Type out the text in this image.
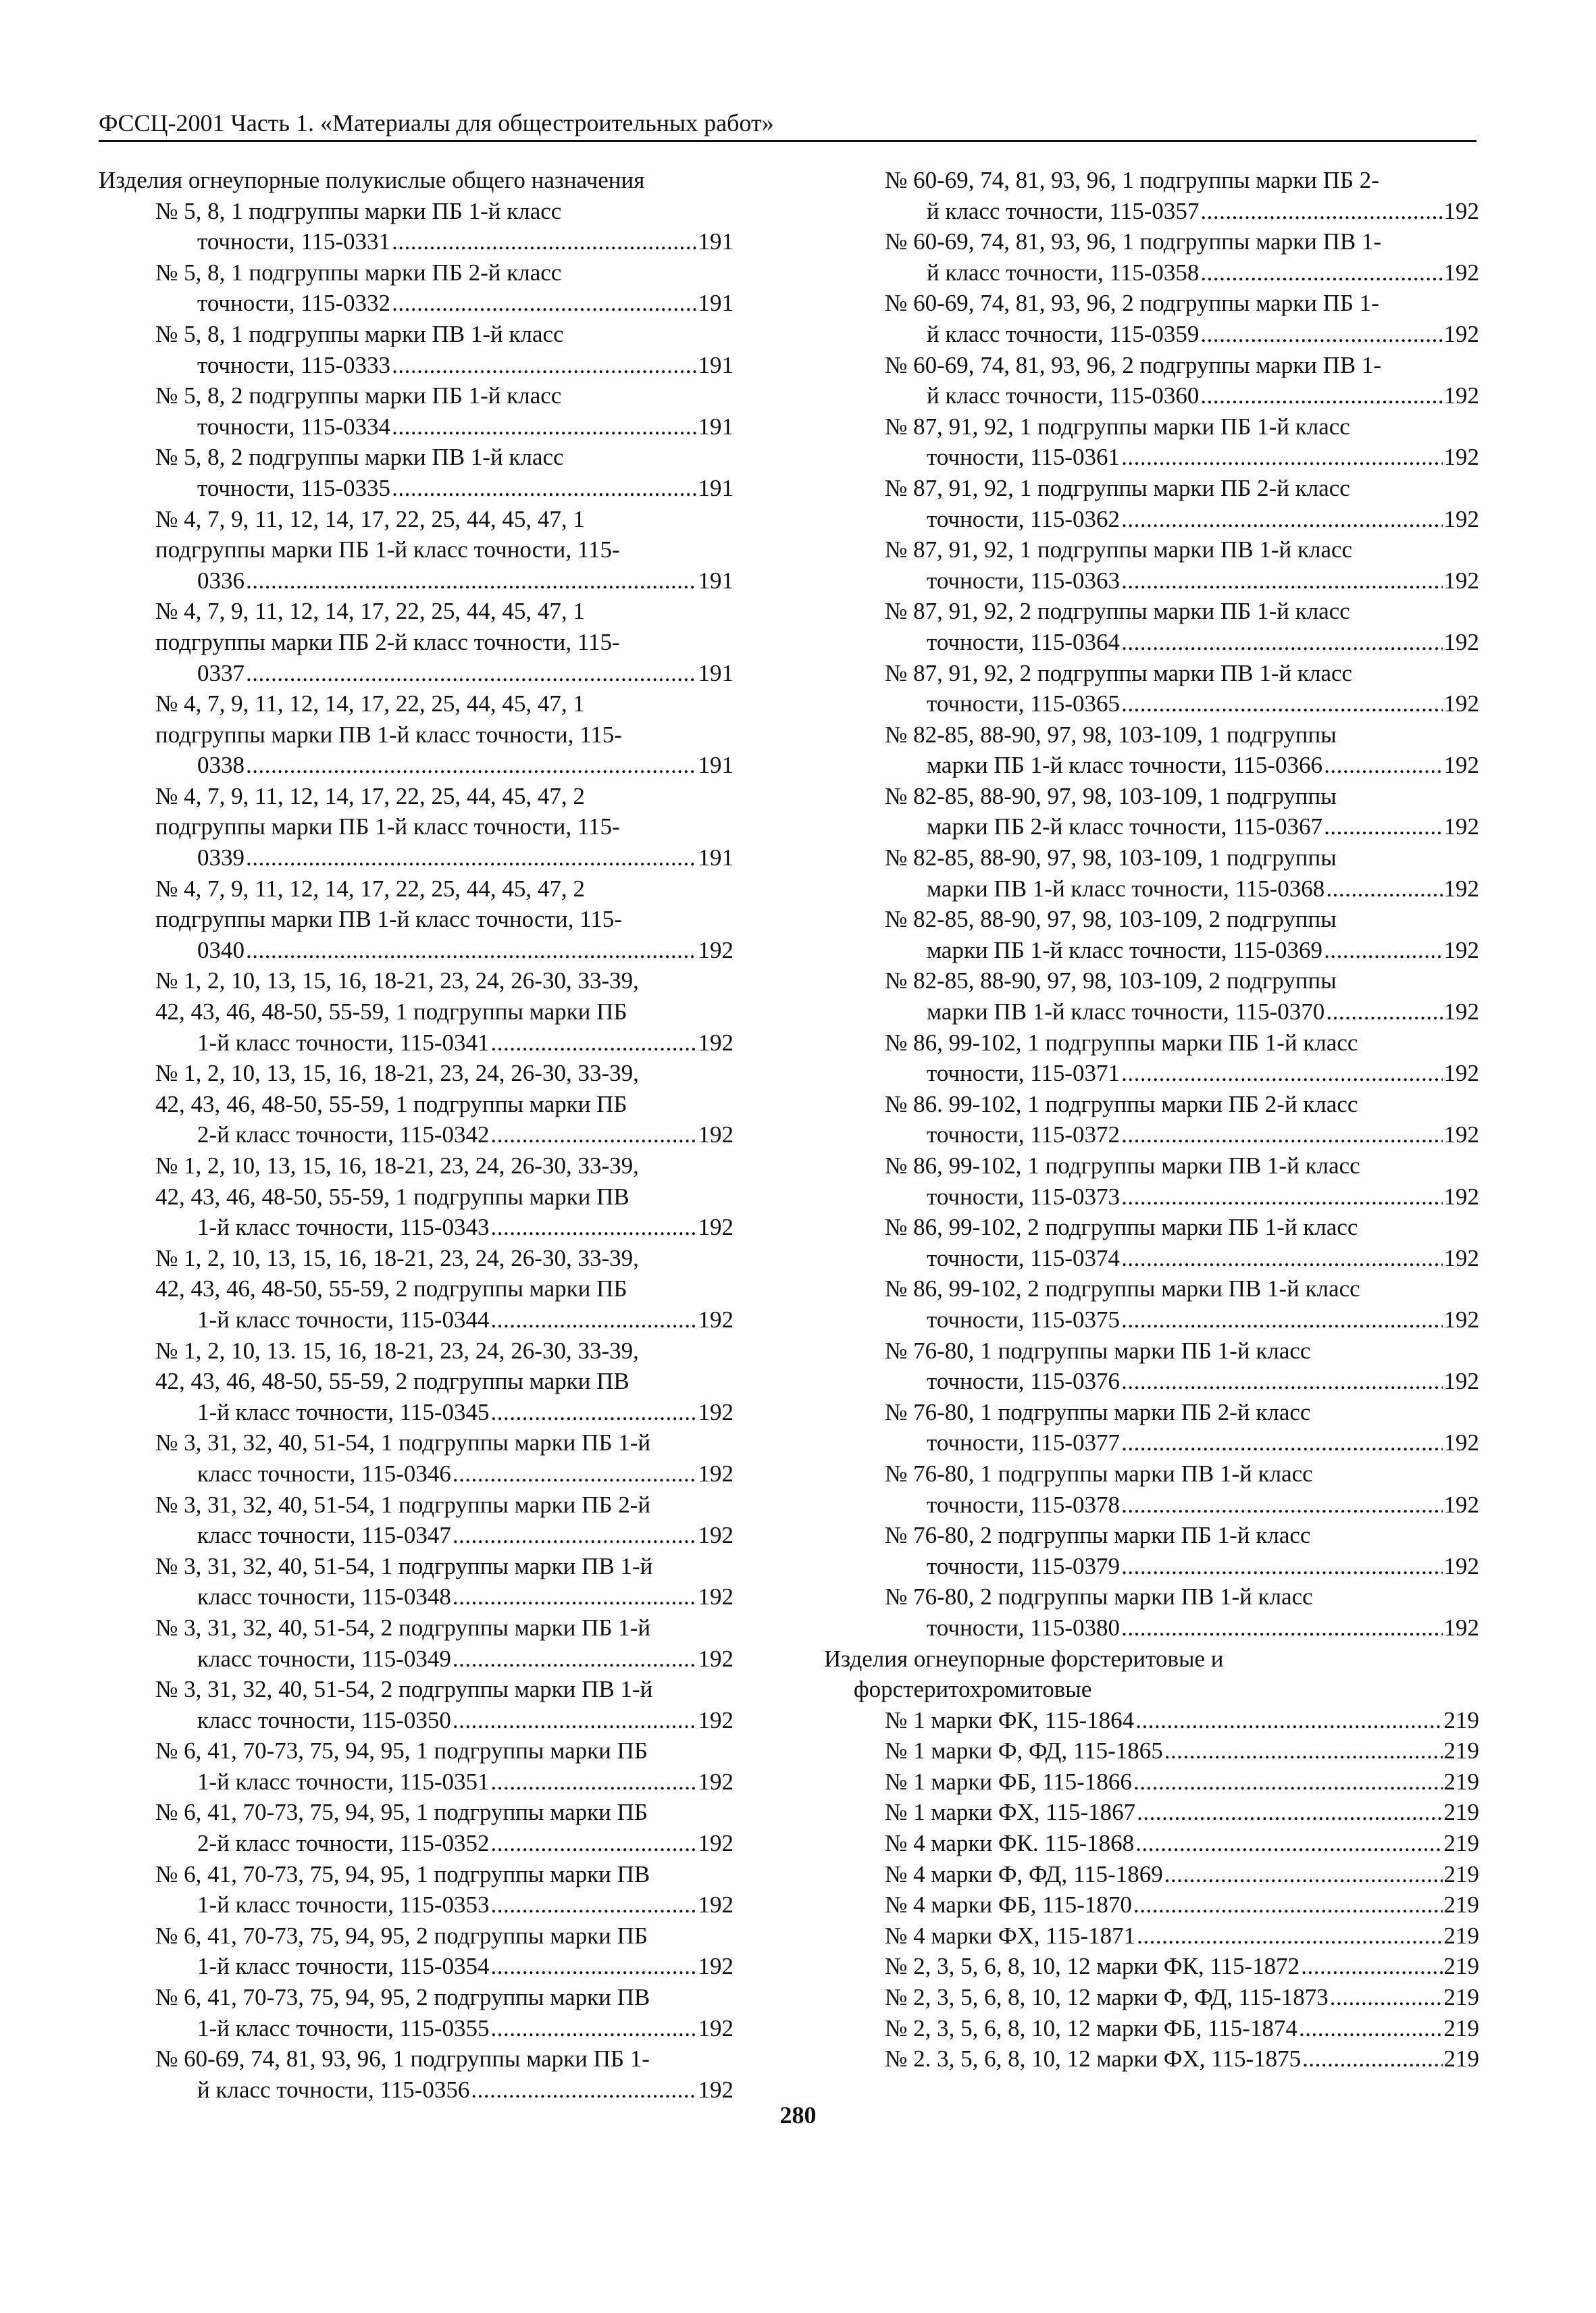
ФССЦ-2001 Часть 1. «Материалы для общестроительных работ»
Изделия огнеупорные полукислые общего назначения
№ 5, 8, 1 подгруппы марки ПБ 1-й класс
точности, 115-0331 .....	191
№ 5, 8, 1 подгруппы марки ПБ 2-й класс
точности, 115-0332 .....	191
№ 5, 8, 1 подгруппы марки ПВ 1-й класс
точности, 115-0333 .....	191
№ 5, 8, 2 подгруппы марки ПБ 1-й класс
точности, 115-0334 .....	191
№ 5, 8, 2 подгруппы марки ПВ 1-й класс
точности, 115-0335 .....	191
№ 4, 7, 9, 11, 12, 14, 17, 22, 25, 44, 45, 47, 1
подгруппы марки ПБ 1-й класс точности, 115-
0336 .....	191
№ 4, 7, 9, 11, 12, 14, 17, 22, 25, 44, 45, 47, 1
подгруппы марки ПБ 2-й класс точности, 115-
0337 .....	191
№ 4, 7, 9, 11, 12, 14, 17, 22, 25, 44, 45, 47, 1
подгруппы марки ПВ 1-й класс точности, 115-
0338 .....	191
№ 4, 7, 9, 11, 12, 14, 17, 22, 25, 44, 45, 47, 2
подгруппы марки ПБ 1-й класс точности, 115-
0339 .....	191
№ 4, 7, 9, 11, 12, 14, 17, 22, 25, 44, 45, 47, 2
подгруппы марки ПВ 1-й класс точности, 115-
0340 .....	192
№ 1, 2, 10, 13, 15, 16, 18-21, 23, 24, 26-30, 33-39,
42, 43, 46, 48-50, 55-59, 1 подгруппы марки ПБ
1-й класс точности, 115-0341 .....	192
№ 1, 2, 10, 13, 15, 16, 18-21, 23, 24, 26-30, 33-39,
42, 43, 46, 48-50, 55-59, 1 подгруппы марки ПБ
2-й класс точности, 115-0342 .....	192
№ 1, 2, 10, 13, 15, 16, 18-21, 23, 24, 26-30, 33-39,
42, 43, 46, 48-50, 55-59, 1 подгруппы марки ПВ
1-й класс точности, 115-0343 .....	192
№ 1, 2, 10, 13, 15, 16, 18-21, 23, 24, 26-30, 33-39,
42, 43, 46, 48-50, 55-59, 2 подгруппы марки ПБ
1-й класс точности, 115-0344 .....	192
№ 1, 2, 10, 13. 15, 16, 18-21, 23, 24, 26-30, 33-39,
42, 43, 46, 48-50, 55-59, 2 подгруппы марки ПВ
1-й класс точности, 115-0345 .....	192
№ 3, 31, 32, 40, 51-54, 1 подгруппы марки ПБ 1-й
класс точности, 115-0346 .....	192
№ 3, 31, 32, 40, 51-54, 1 подгруппы марки ПБ 2-й
класс точности, 115-0347 .....	192
№ 3, 31, 32, 40, 51-54, 1 подгруппы марки ПВ 1-й
класс точности, 115-0348 .....	192
№ 3, 31, 32, 40, 51-54, 2 подгруппы марки ПБ 1-й
класс точности, 115-0349 .....	192
№ 3, 31, 32, 40, 51-54, 2 подгруппы марки ПВ 1-й
класс точности, 115-0350 .....	192
№ 6, 41, 70-73, 75, 94, 95, 1 подгруппы марки ПБ
1-й класс точности, 115-0351 .....	192
№ 6, 41, 70-73, 75, 94, 95, 1 подгруппы марки ПБ
2-й класс точности, 115-0352 .....	192
№ 6, 41, 70-73, 75, 94, 95, 1 подгруппы марки ПВ
1-й класс точности, 115-0353 .....	192
№ 6, 41, 70-73, 75, 94, 95, 2 подгруппы марки ПБ
1-й класс точности, 115-0354 .....	192
№ 6, 41, 70-73, 75, 94, 95, 2 подгруппы марки ПВ
1-й класс точности, 115-0355 .....	192
№ 60-69, 74, 81, 93, 96, 1 подгруппы марки ПБ 1-
й класс точности, 115-0356 .....	192
№ 60-69, 74, 81, 93, 96, 1 подгруппы марки ПБ 2-
й класс точности, 115-0357 .....	192
№ 60-69, 74, 81, 93, 96, 1 подгруппы марки ПВ 1-
й класс точности, 115-0358 .....	192
№ 60-69, 74, 81, 93, 96, 2 подгруппы марки ПБ 1-
й класс точности, 115-0359 .....	192
№ 60-69, 74, 81, 93, 96, 2 подгруппы марки ПВ 1-
й класс точности, 115-0360 .....	192
№ 87, 91, 92, 1 подгруппы марки ПБ 1-й класс
точности, 115-0361 .....	192
№ 87, 91, 92, 1 подгруппы марки ПБ 2-й класс
точности, 115-0362 .....	192
№ 87, 91, 92, 1 подгруппы марки ПВ 1-й класс
точности, 115-0363 .....	192
№ 87, 91, 92, 2 подгруппы марки ПБ 1-й класс
точности, 115-0364 .....	192
№ 87, 91, 92, 2 подгруппы марки ПВ 1-й класс
точности, 115-0365 .....	192
№ 82-85, 88-90, 97, 98, 103-109, 1 подгруппы
марки ПБ 1-й класс точности, 115-0366 .....	192
№ 82-85, 88-90, 97, 98, 103-109, 1 подгруппы
марки ПБ 2-й класс точности, 115-0367 .....	192
№ 82-85, 88-90, 97, 98, 103-109, 1 подгруппы
марки ПВ 1-й класс точности, 115-0368 .....	192
№ 82-85, 88-90, 97, 98, 103-109, 2 подгруппы
марки ПБ 1-й класс точности, 115-0369 .....	192
№ 82-85, 88-90, 97, 98, 103-109, 2 подгруппы
марки ПВ 1-й класс точности, 115-0370 .....	192
№ 86, 99-102, 1 подгруппы марки ПБ 1-й класс
точности, 115-0371 .....	192
№ 86. 99-102, 1 подгруппы марки ПБ 2-й класс
точности, 115-0372 .....	192
№ 86, 99-102, 1 подгруппы марки ПВ 1-й класс
точности, 115-0373 .....	192
№ 86, 99-102, 2 подгруппы марки ПБ 1-й класс
точности, 115-0374 .....	192
№ 86, 99-102, 2 подгруппы марки ПВ 1-й класс
точности, 115-0375 .....	192
№ 76-80, 1 подгруппы марки ПБ 1-й класс
точности, 115-0376 .....	192
№ 76-80, 1 подгруппы марки ПБ 2-й класс
точности, 115-0377 .....	192
№ 76-80, 1 подгруппы марки ПВ 1-й класс
точности, 115-0378 .....	192
№ 76-80, 2 подгруппы марки ПБ 1-й класс
точности, 115-0379 .....	192
№ 76-80, 2 подгруппы марки ПВ 1-й класс
точности, 115-0380 .....	192
Изделия огнеупорные форстеритовые и
форстеритохромитовые
№ 1 марки ФК, 115-1864 .....	219
№ 1 марки Ф, ФД, 115-1865 .....	219
№ 1 марки ФБ, 115-1866 .....	219
№ 1 марки ФХ, 115-1867 .....	219
№ 4 марки ФК. 115-1868 .....	219
№ 4 марки Ф, ФД, 115-1869 .....	219
№ 4 марки ФБ, 115-1870 .....	219
№ 4 марки ФХ, 115-1871 .....	219
№ 2, 3, 5, 6, 8, 10, 12 марки ФК, 115-1872 .....	219
№ 2, 3, 5, 6, 8, 10, 12 марки Ф, ФД, 115-1873 .....	219
№ 2, 3, 5, 6, 8, 10, 12 марки ФБ, 115-1874 .....	219
№ 2. 3, 5, 6, 8, 10, 12 марки ФХ, 115-1875 .....	219
280
